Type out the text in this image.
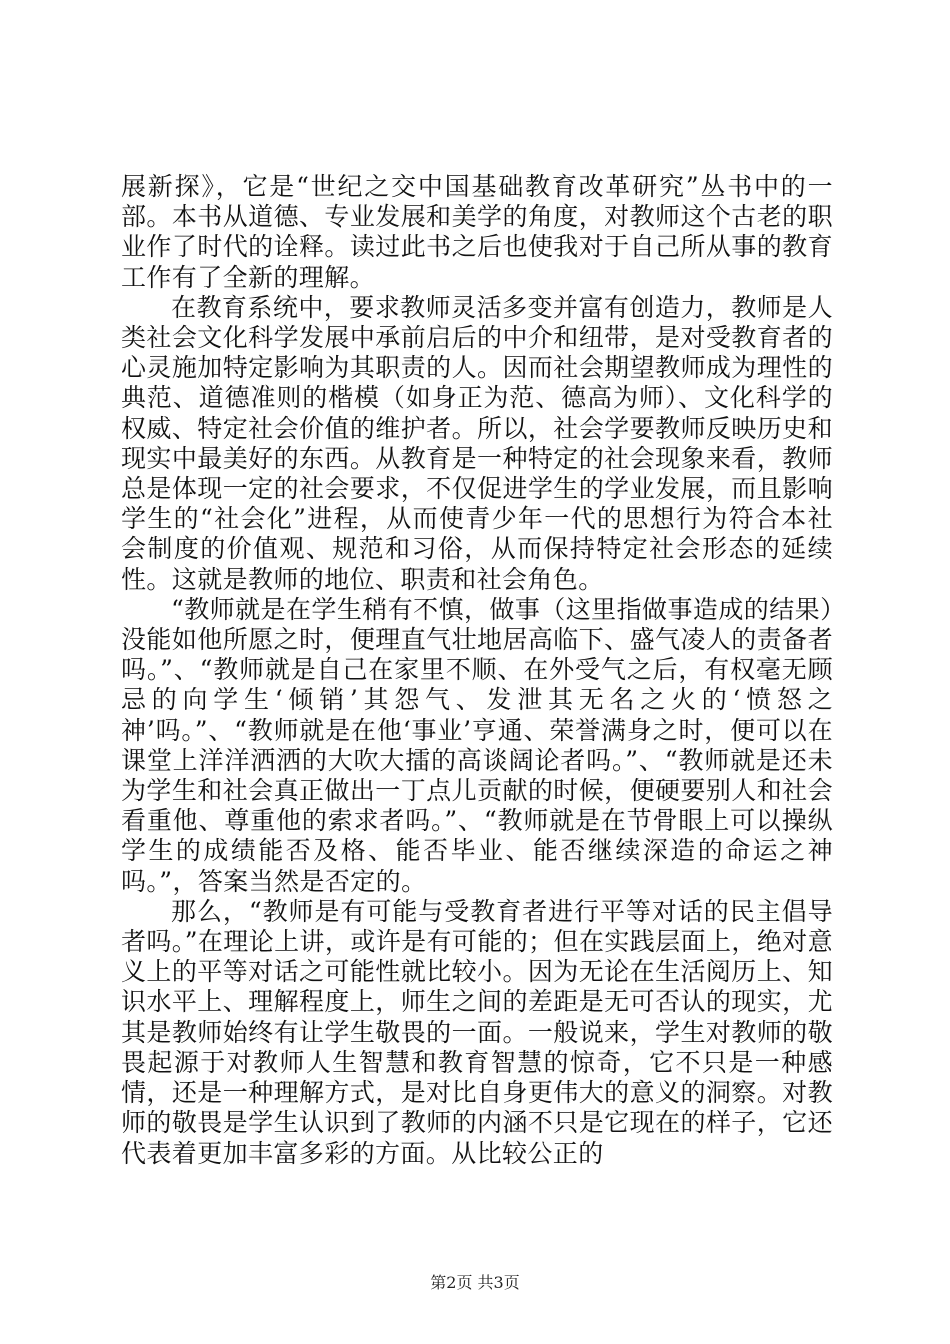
展新探》，它是“世纪之交中国基础教育改革研究”丛书中的一部。本书从道德、专业发展和美学的角度，对教师这个古老的职业作了时代的诠释。读过此书之后也使我对于自己所从事的教育工作有了全新的理解。

在教育系统中，要求教师灵活多变并富有创造力，教师是人类社会文化科学发展中承前启后的中介和纽带，是对受教育者的心灵施加特定影响为其职责的人。因而社会期望教师成为理性的典范、道德准则的楷模（如身正为范、德高为师）、文化科学的权威、特定社会价值的维护者。所以，社会学要教师反映历史和现实中最美好的东西。从教育是一种特定的社会现象来看，教师总是体现一定的社会要求，不仅促进学生的学业发展，而且影响学生的“社会化”进程，从而使青少年一代的思想行为符合本社会制度的价值观、规范和习俗，从而保持特定社会形态的延续性。这就是教师的地位、职责和社会角色。

“教师就是在学生稍有不慎，做事（这里指做事造成的结果）没能如他所愿之时，便理直气壮地居高临下、盛气凌人的责备者吗。”、“教师就是自己在家里不顺、在外受气之后，有权毫无顾忌的向学生‘倾销’其怨气、发泄其无名之火的‘愤怒之神’吗。”、“教师就是在他‘事业’亨通、荣誉满身之时，便可以在课堂上洋洋洒洒的大吹大擂的高谈阔论者吗。”、“教师就是还未为学生和社会真正做出一丁点儿贡献的时候，便硬要别人和社会看重他、尊重他的索求者吗。”、“教师就是在节骨眼上可以操纵学生的成绩能否及格、能否毕业、能否继续深造的命运之神吗。”，答案当然是否定的。

那么，“教师是有可能与受教育者进行平等对话的民主倡导者吗。”在理论上讲，或许是有可能的；但在实践层面上，绝对意义上的平等对话之可能性就比较小。因为无论在生活阅历上、知识水平上、理解程度上，师生之间的差距是无可否认的现实，尤其是教师始终有让学生敬畏的一面。一般说来，学生对教师的敬畏起源于对教师人生智慧和教育智慧的惊奇，它不只是一种感情，还是一种理解方式，是对比自身更伟大的意义的洞察。对教师的敬畏是学生认识到了教师的内涵不只是它现在的样子，它还代表着更加丰富多彩的方面。从比较公正的

第2页 共3页
